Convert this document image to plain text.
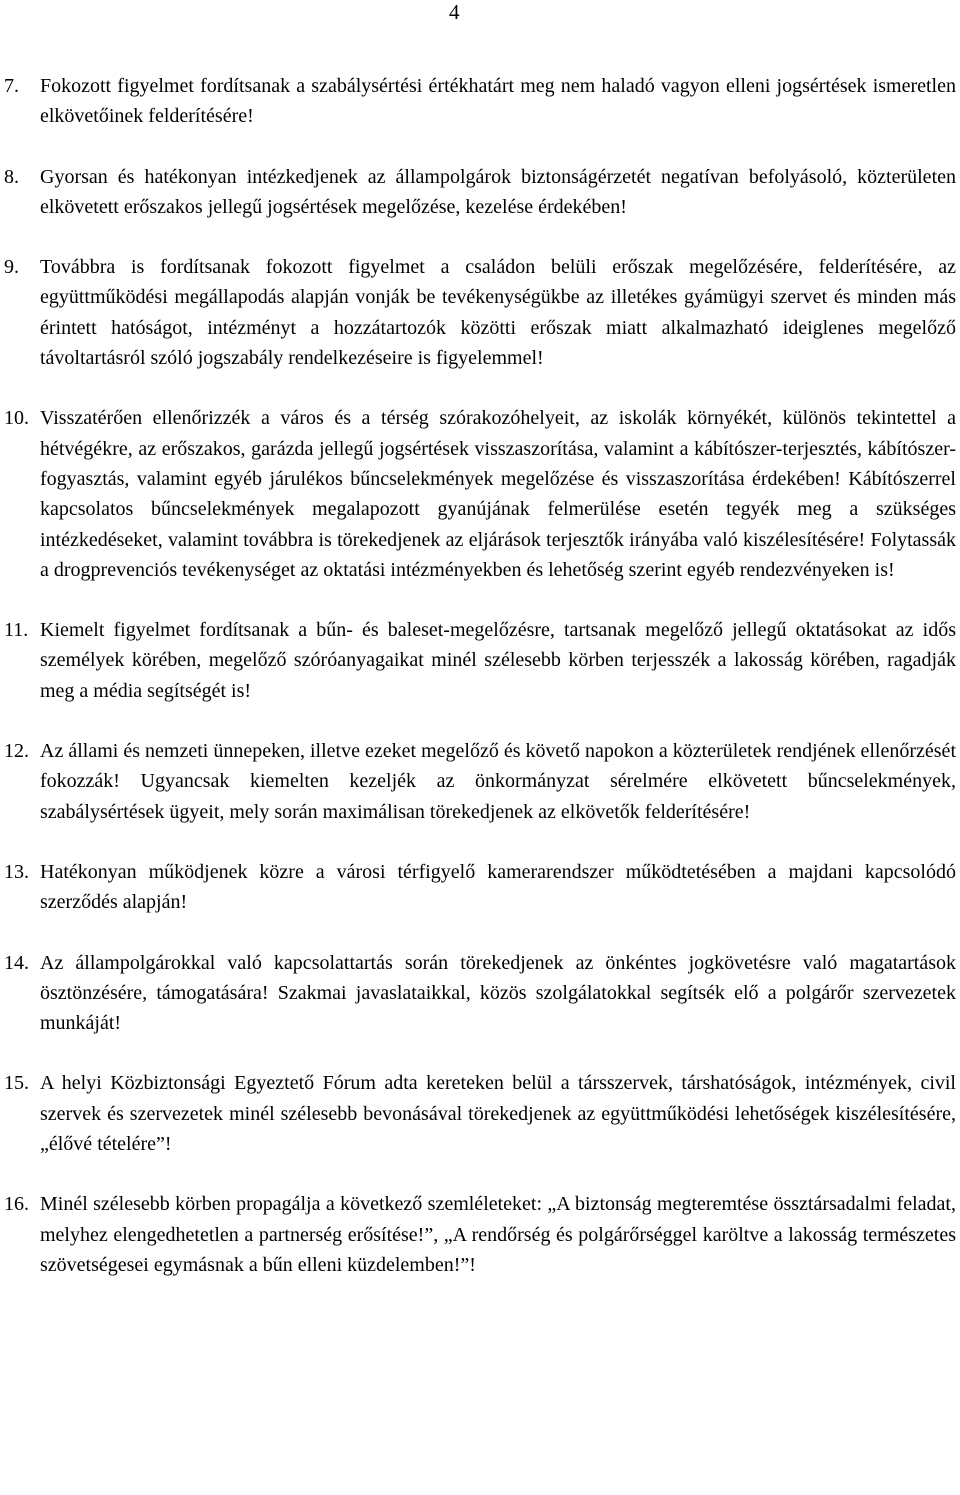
4
7. Fokozott figyelmet fordítsanak a szabálysértési értékhatárt meg nem haladó vagyon elleni jogsértések ismeretlen elkövetőinek felderítésére!
8. Gyorsan és hatékonyan intézkedjenek az állampolgárok biztonságérzetét negatívan befolyásoló, közterületen elkövetett erőszakos jellegű jogsértések megelőzése, kezelése érdekében!
9. Továbbra is fordítsanak fokozott figyelmet a családon belüli erőszak megelőzésére, felderítésére, az együttműködési megállapodás alapján vonják be tevékenységükbe az illetékes gyámügyi szervet és minden más érintett hatóságot, intézményt a hozzátartozók közötti erőszak miatt alkalmazható ideiglenes megelőző távoltartásról szóló jogszabály rendelkezéseire is figyelemmel!
10. Visszatérően ellenőrizzék a város és a térség szórakozóhelyeit, az iskolák környékét, különös tekintettel a hétvégékre, az erőszakos, garázda jellegű jogsértések visszaszorítása, valamint a kábítószer-terjesztés, kábítószer-fogyasztás, valamint egyéb járulékos bűncselekmények megelőzése és visszaszorítása érdekében! Kábítószerrel kapcsolatos bűncselekmények megalapozott gyanújának felmerülése esetén tegyék meg a szükséges intézkedéseket, valamint továbbra is törekedjenek az eljárások terjesztők irányába való kiszélesítésére! Folytassák a drogprevenciós tevékenységet az oktatási intézményekben és lehetőség szerint egyéb rendezvényeken is!
11. Kiemelt figyelmet fordítsanak a bűn- és baleset-megelőzésre, tartsanak megelőző jellegű oktatásokat az idős személyek körében, megelőző szóróanyagaikat minél szélesebb körben terjesszék a lakosság körében, ragadják meg a média segítségét is!
12. Az állami és nemzeti ünnepeken, illetve ezeket megelőző és követő napokon a közterületek rendjének ellenőrzését fokozzák! Ugyancsak kiemelten kezeljék az önkormányzat sérelmére elkövetett bűncselekmények, szabálysértések ügyeit, mely során maximálisan törekedjenek az elkövetők felderítésére!
13. Hatékonyan működjenek közre a városi térfigyelő kamerarendszer működtetésében a majdani kapcsolódó szerződés alapján!
14. Az állampolgárokkal való kapcsolattartás során törekedjenek az önkéntes jogkövetésre való magatartások ösztönzésére, támogatására! Szakmai javaslataikkal, közös szolgálatokkal segítsék elő a polgárőr szervezetek munkáját!
15. A helyi Közbiztonsági Egyeztető Fórum adta kereteken belül a társszervek, társhatóságok, intézmények, civil szervek és szervezetek minél szélesebb bevonásával törekedjenek az együttműködési lehetőségek kiszélesítésére, „élővé tételére”!
16. Minél szélesebb körben propagálja a következő szemléleteket: „A biztonság megteremtése össztársadalmi feladat, melyhez elengedhetetlen a partnerség erősítése!”, „A rendőrség és polgárőrséggel karöltve a lakosság természetes szövetségesei egymásnak a bűn elleni küzdelemben!”!
